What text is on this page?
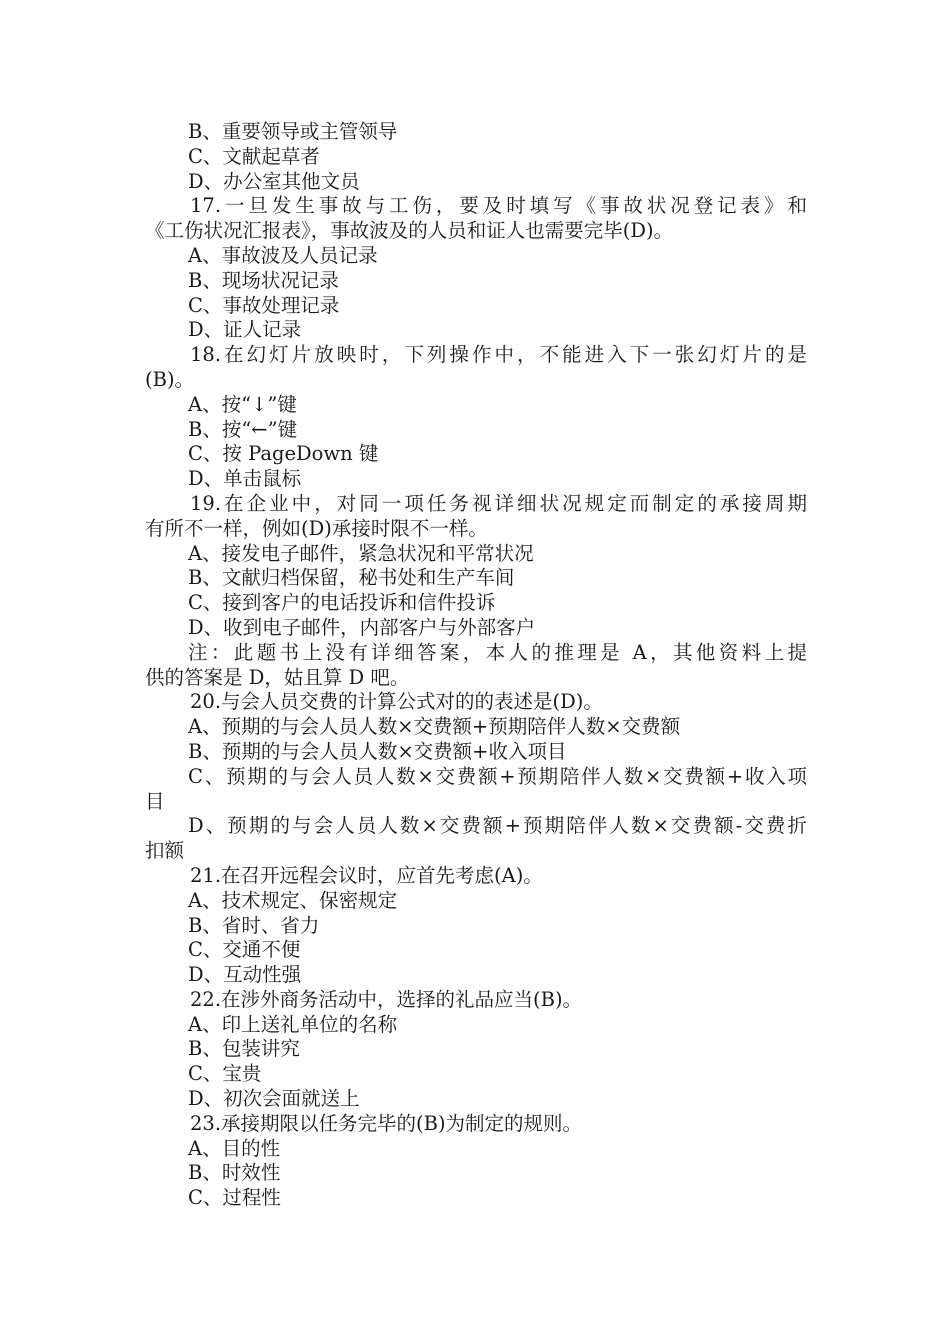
B、重要领导或主管领导
C、文献起草者
D、办公室其他文员
17.一旦发生事故与工伤，要及时填写《事故状况登记表》和
《工伤状况汇报表》，事故波及的人员和证人也需要完毕(D)。
A、事故波及人员记录
B、现场状况记录
C、事故处理记录
D、证人记录
18.在幻灯片放映时，下列操作中，不能进入下一张幻灯片的是
(B)。
A、按“↓”键
B、按“←”键
C、按 PageDown 键
D、单击鼠标
19.在企业中，对同一项任务视详细状况规定而制定的承接周期
有所不一样，例如(D)承接时限不一样。
A、接发电子邮件，紧急状况和平常状况
B、文献归档保留，秘书处和生产车间
C、接到客户的电话投诉和信件投诉
D、收到电子邮件，内部客户与外部客户
注：此题书上没有详细答案，本人的推理是 A，其他资料上提
供的答案是 D，姑且算 D 吧。
20.与会人员交费的计算公式对的的表述是(D)。
A、预期的与会人员人数×交费额+预期陪伴人数×交费额
B、预期的与会人员人数×交费额+收入项目
C、预期的与会人员人数×交费额+预期陪伴人数×交费额+收入项
目
D、预期的与会人员人数×交费额+预期陪伴人数×交费额-交费折
扣额
21.在召开远程会议时，应首先考虑(A)。
A、技术规定、保密规定
B、省时、省力
C、交通不便
D、互动性强
22.在涉外商务活动中，选择的礼品应当(B)。
A、印上送礼单位的名称
B、包装讲究
C、宝贵
D、初次会面就送上
23.承接期限以任务完毕的(B)为制定的规则。
A、目的性
B、时效性
C、过程性
